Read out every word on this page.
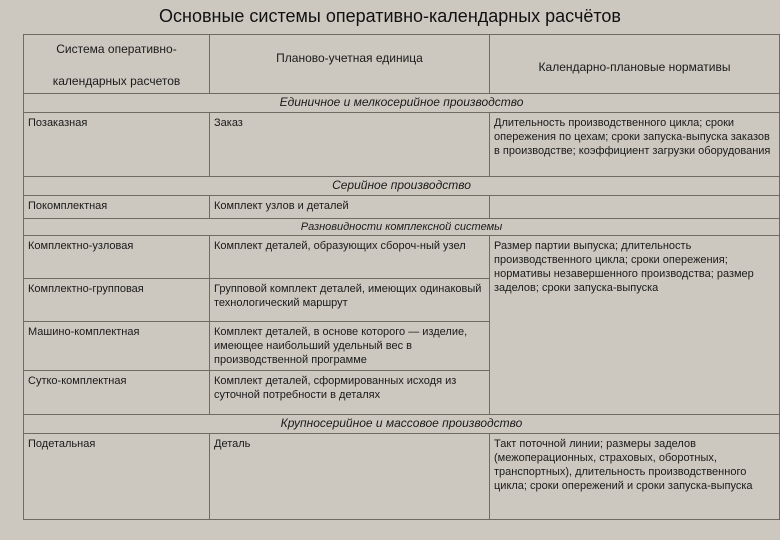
Основные системы оперативно-календарных расчётов
Система оперативно-
календарных расчетов	Планово-учетная единица	Календарно-плановые нормативы

Единичное и мелкосерийное производство		
Позаказная	Заказ	Длительность производственного цикла; сроки опережения по цехам; сроки запуска-выпуска заказов в производстве; коэффициент загрузки оборудования
Серийное производство		
Покомплектная	Комплект узлов и деталей	
Разновидности комплексной системы		
Комплектно-узловая	Комплект деталей, образующих сбороч-ный узел	Размер партии выпуска; длительность производственного цикла; сроки опережения; нормативы незавершенного производства; размер заделов; сроки запуска-выпуска
Комплектно-групповая	Групповой комплект деталей, имеющих одинаковый технологический маршрут	
Машино-комплектная	Комплект деталей, в основе которого — изделие, имеющее наибольший удельный вес в производственной программе	
Сутко-комплектная	Комплект деталей, сформированных исходя из суточной потребности в деталях	
Крупносерийное и массовое производство		
Подетальная	Деталь	Такт поточной линии; размеры заделов (межоперационных, страховых, оборотных, транспортных), длительность производственного цикла; сроки опережений и сроки запуска-выпуска
